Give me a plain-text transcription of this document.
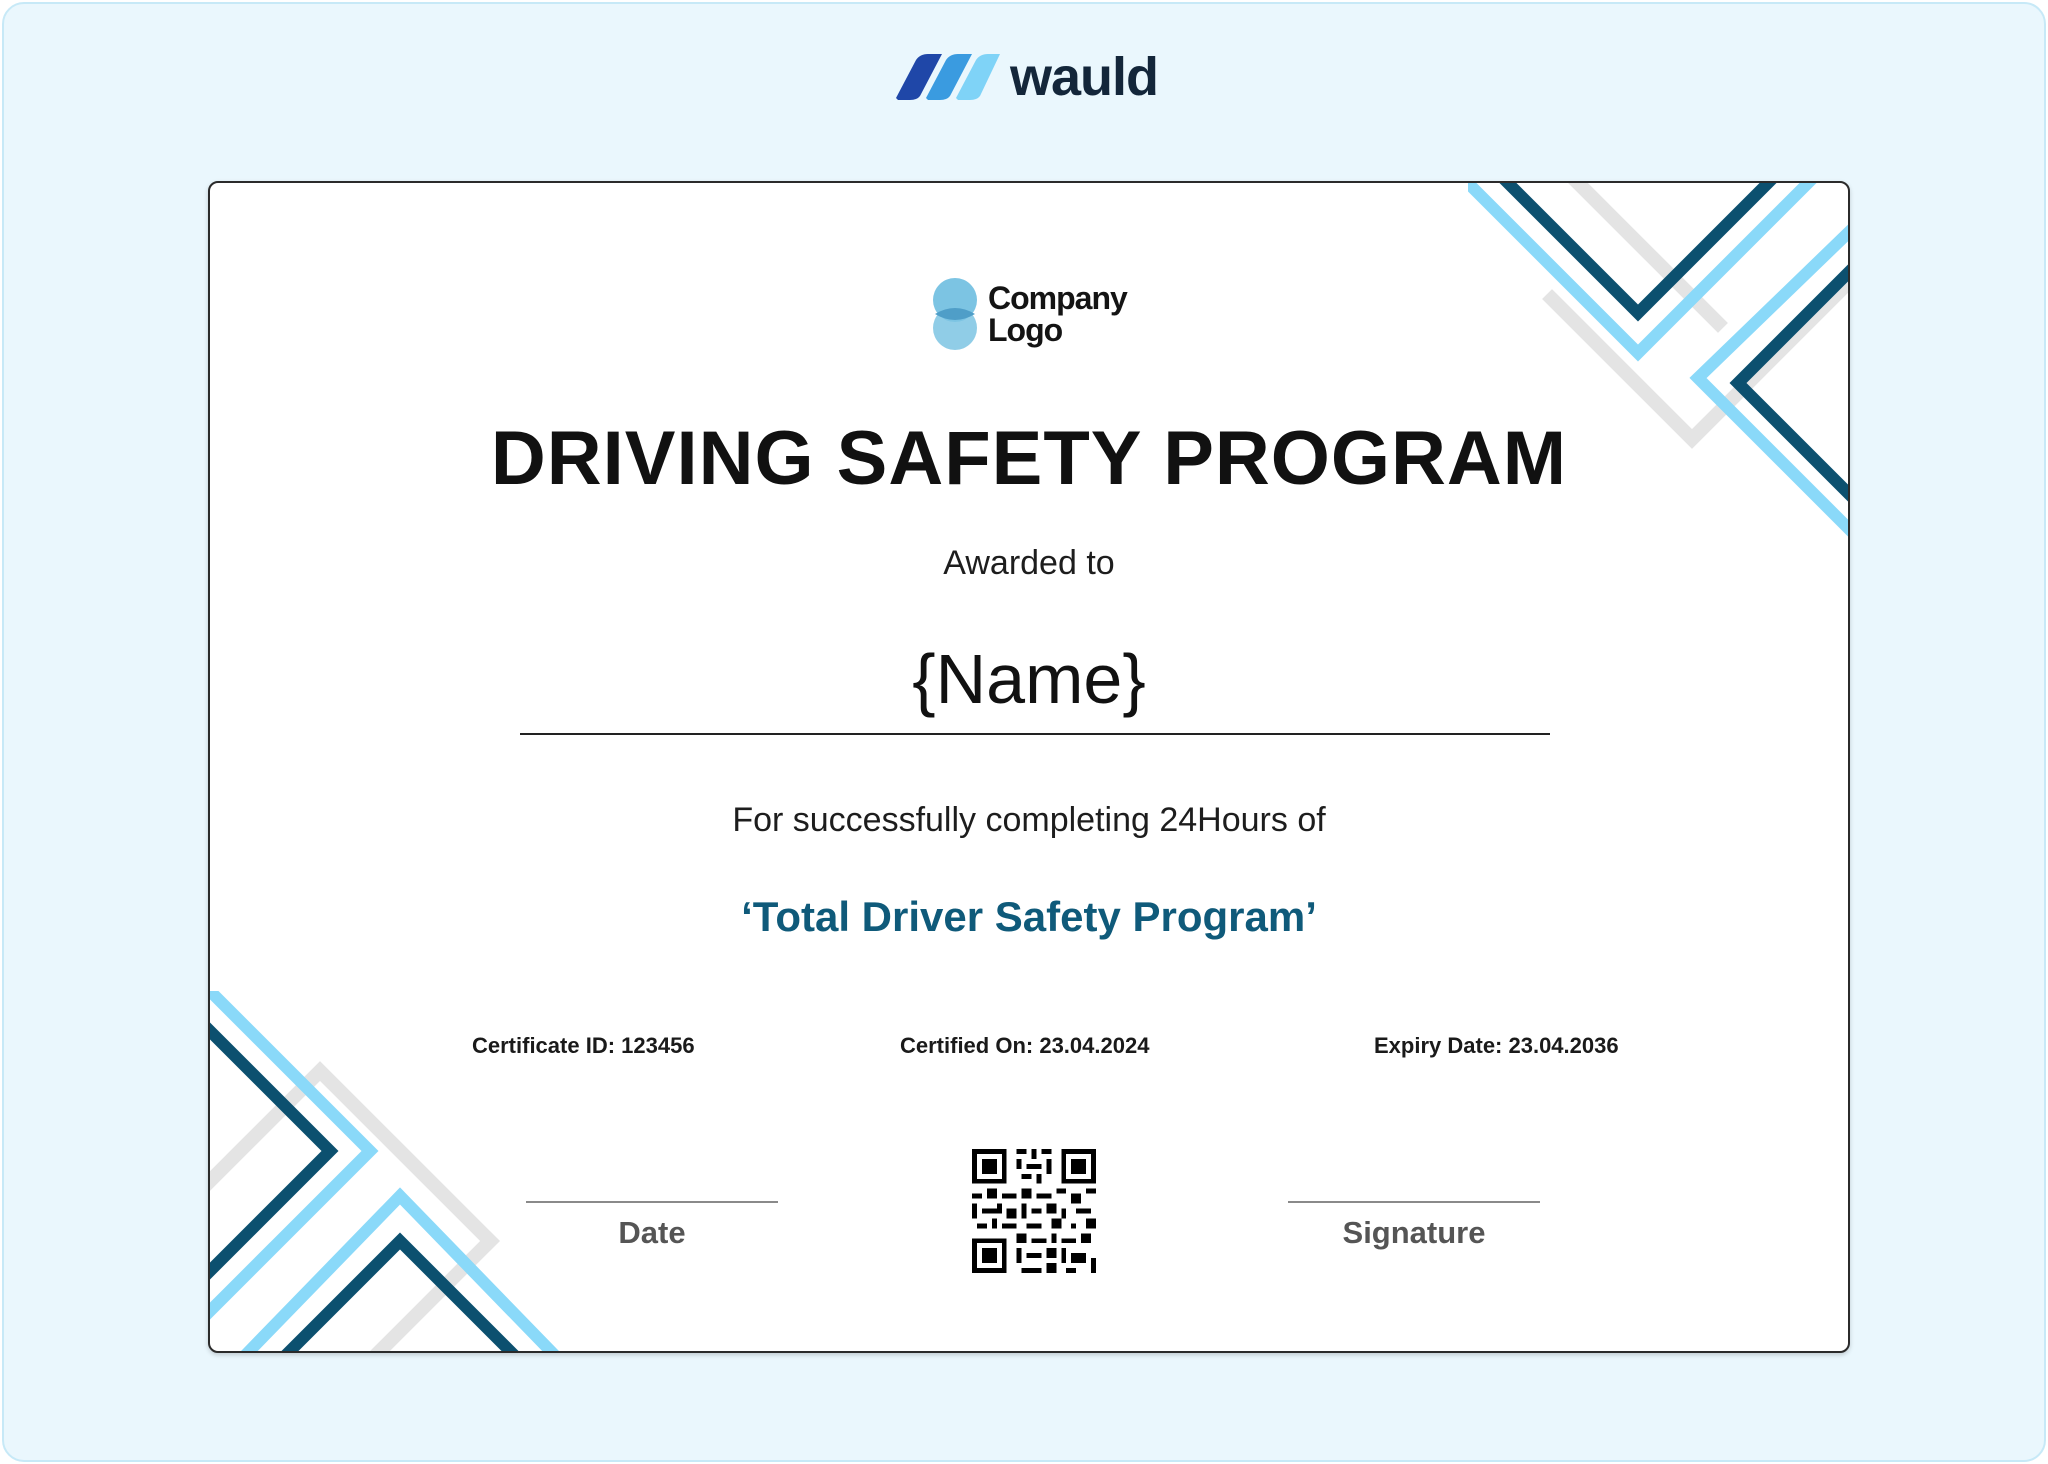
wauld
Company
Logo
DRIVING SAFETY PROGRAM
Awarded to
{Name}
For successfully completing 24Hours of
‘Total Driver Safety Program’
Certificate ID: 123456	Certified On: 23.04.2024	Expiry Date: 23.04.2036
Date	Signature
